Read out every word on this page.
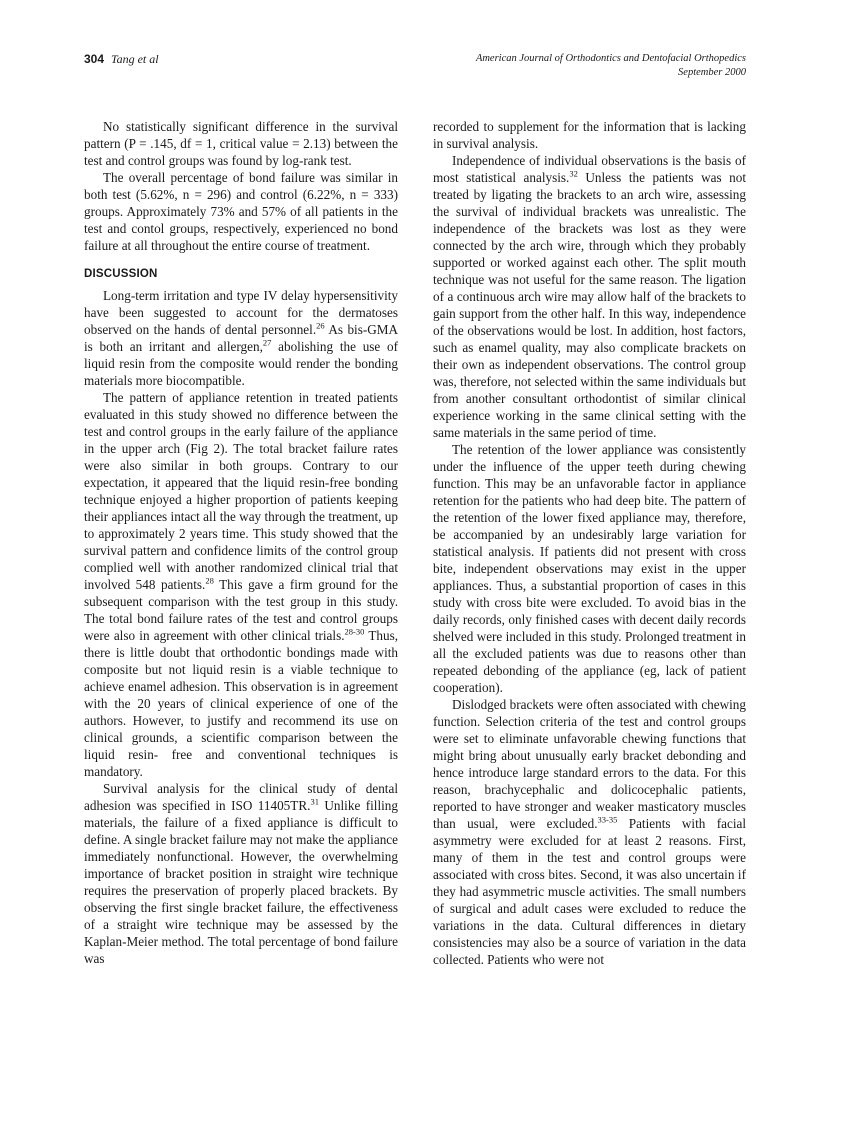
304 Tang et al	American Journal of Orthodontics and Dentofacial Orthopedics
September 2000

No statistically significant difference in the survival pattern (P = .145, df = 1, critical value = 2.13) between the test and control groups was found by log-rank test.

The overall percentage of bond failure was similar in both test (5.62%, n = 296) and control (6.22%, n = 333) groups. Approximately 73% and 57% of all patients in the test and contol groups, respectively, experienced no bond failure at all throughout the entire course of treatment.

DISCUSSION

Long-term irritation and type IV delay hypersensitivity have been suggested to account for the dermatoses observed on the hands of dental personnel.$^{26}$ As bis-GMA is both an irritant and allergen,$^{27}$ abolishing the use of liquid resin from the composite would render the bonding materials more biocompatible.

The pattern of appliance retention in treated patients evaluated in this study showed no difference between the test and control groups in the early failure of the appliance in the upper arch (Fig 2). The total bracket failure rates were also similar in both groups. Contrary to our expectation, it appeared that the liquid resin-free bonding technique enjoyed a higher proportion of patients keeping their appliances intact all the way through the treatment, up to approximately 2 years time. This study showed that the survival pattern and confidence limits of the control group complied well with another randomized clinical trial that involved 548 patients.$^{28}$ This gave a firm ground for the subsequent comparison with the test group in this study. The total bond failure rates of the test and control groups were also in agreement with other clinical trials.$^{28-30}$ Thus, there is little doubt that orthodontic bondings made with composite but not liquid resin is a viable technique to achieve enamel adhesion. This observation is in agreement with the 20 years of clinical experience of one of the authors. However, to justify and recommend its use on clinical grounds, a scientific comparison between the liquid resin- free and conventional techniques is mandatory.

Survival analysis for the clinical study of dental adhesion was specified in ISO 11405TR.$^{31}$ Unlike filling materials, the failure of a fixed appliance is difficult to define. A single bracket failure may not make the appliance immediately nonfunctional. However, the overwhelming importance of bracket position in straight wire technique requires the preservation of properly placed brackets. By observing the first single bracket failure, the effectiveness of a straight wire technique may be assessed by the Kaplan-Meier method. The total percentage of bond failure was

recorded to supplement for the information that is lacking in survival analysis.

Independence of individual observations is the basis of most statistical analysis.$^{32}$ Unless the patients was not treated by ligating the brackets to an arch wire, assessing the survival of individual brackets was unrealistic. The independence of the brackets was lost as they were connected by the arch wire, through which they probably supported or worked against each other. The split mouth technique was not useful for the same reason. The ligation of a continuous arch wire may allow half of the brackets to gain support from the other half. In this way, independence of the observations would be lost. In addition, host factors, such as enamel quality, may also complicate brackets on their own as independent observations. The control group was, therefore, not selected within the same individuals but from another consultant orthodontist of similar clinical experience working in the same clinical setting with the same materials in the same period of time.

The retention of the lower appliance was consistently under the influence of the upper teeth during chewing function. This may be an unfavorable factor in appliance retention for the patients who had deep bite. The pattern of the retention of the lower fixed appliance may, therefore, be accompanied by an undesirably large variation for statistical analysis. If patients did not present with cross bite, independent observations may exist in the upper appliances. Thus, a substantial proportion of cases in this study with cross bite were excluded. To avoid bias in the daily records, only finished cases with decent daily records shelved were included in this study. Prolonged treatment in all the excluded patients was due to reasons other than repeated debonding of the appliance (eg, lack of patient cooperation).

Dislodged brackets were often associated with chewing function. Selection criteria of the test and control groups were set to eliminate unfavorable chewing functions that might bring about unusually early bracket debonding and hence introduce large standard errors to the data. For this reason, brachycephalic and dolicocephalic patients, reported to have stronger and weaker masticatory muscles than usual, were excluded.$^{33-35}$ Patients with facial asymmetry were excluded for at least 2 reasons. First, many of them in the test and control groups were associated with cross bites. Second, it was also uncertain if they had asymmetric muscle activities. The small numbers of surgical and adult cases were excluded to reduce the variations in the data. Cultural differences in dietary consistencies may also be a source of variation in the data collected. Patients who were not
